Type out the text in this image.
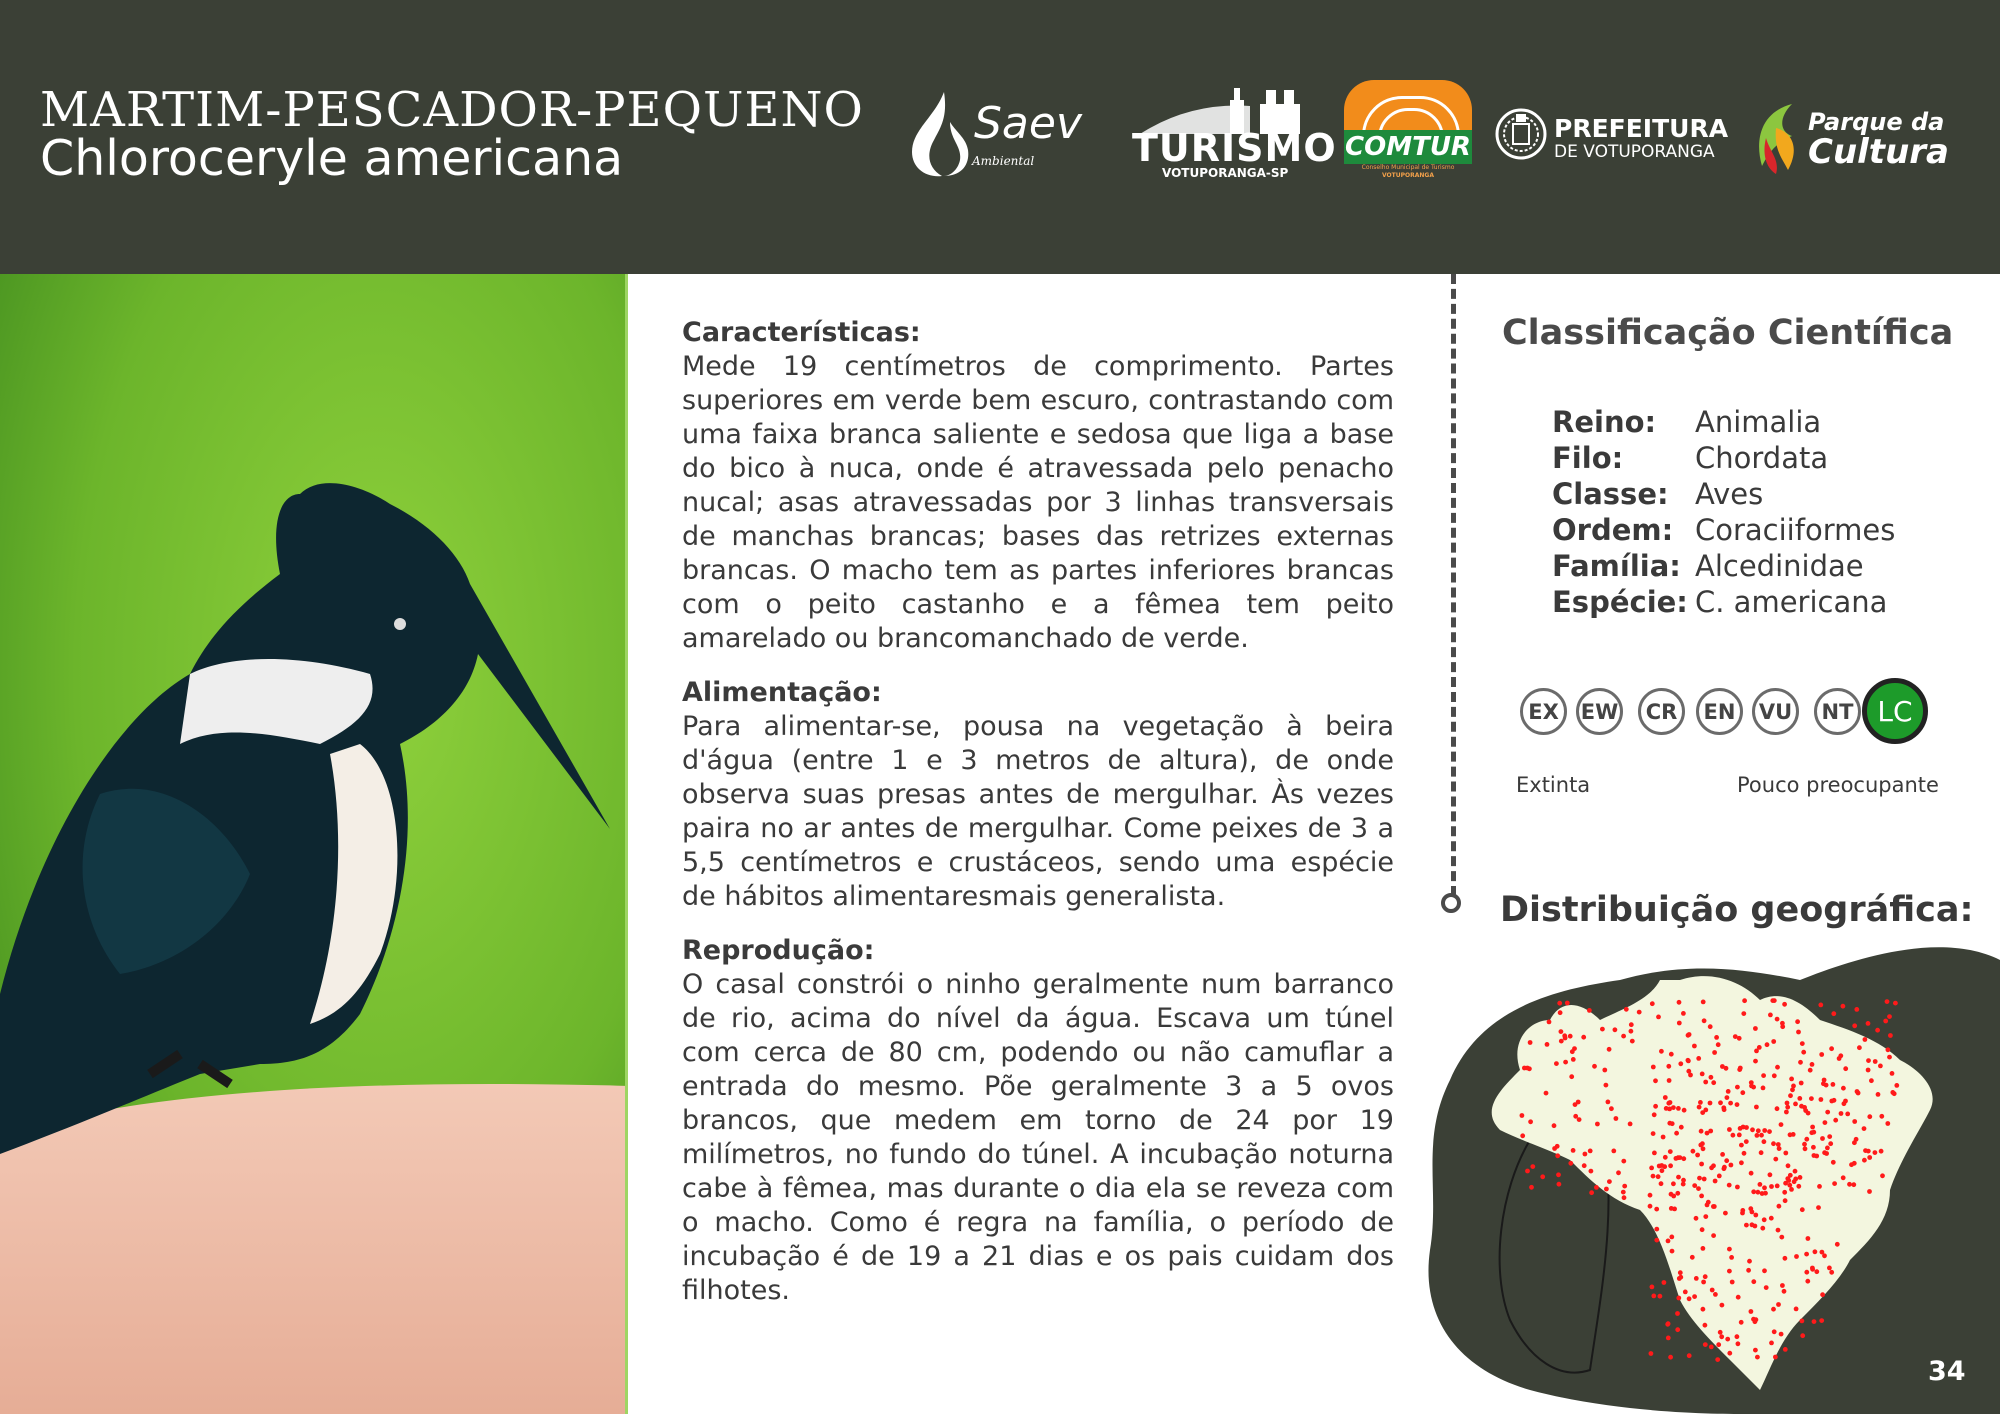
MARTIM-PESCADOR-PEQUENO
Chloroceryle americana
Saev
Ambiental	TURISMO
VOTUPORANGA-SP
COMTUR
Conselho Municipal de Turismo
VOTUPORANGA
PREFEITURA
DE VOTUPORANGA
Parque da
Cultura
Características:

Mede 19 centímetros de comprimento. Partes superiores em verde bem escuro, contrastando com uma faixa branca saliente e sedosa que liga a base do bico à nuca, onde é atravessada pelo penacho nucal; asas atravessadas por 3 linhas transversais de manchas brancas; bases das retrizes externas brancas. O macho tem as partes inferiores brancas com o peito castanho e a fêmea tem peito amarelado ou brancomanchado de verde.

Alimentação:

Para alimentar-se, pousa na vegetação à beira d'água (entre 1 e 3 metros de altura), de onde observa suas presas antes de mergulhar. Às vezes paira no ar antes de mergulhar. Come peixes de 3 a 5,5 centímetros e crustáceos, sendo uma espécie de hábitos alimentaresmais generalista.

Reprodução:

O casal constrói o ninho geralmente num barranco de rio, acima do nível da água. Escava um túnel com cerca de 80 cm, podendo ou não camuflar a entrada do mesmo. Põe geralmente 3 a 5 ovos brancos, que medem em torno de 24 por 19 milímetros, no fundo do túnel. A incubação noturna cabe à fêmea, mas durante o dia ela se reveza com o macho. Como é regra na família, o período de incubação é de 19 a 21 dias e os pais cuidam dos filhotes.

Classificação Científica
Reino: Animalia
Filo: Chordata
Classe: Aves
Ordem: Coraciiformes
Família: Alcedinidae
Espécie: C. americana
EX	EW	CR	EN	VU	NT LC
Extinta	Pouco preocupante
Distribuição geográfica:
34
